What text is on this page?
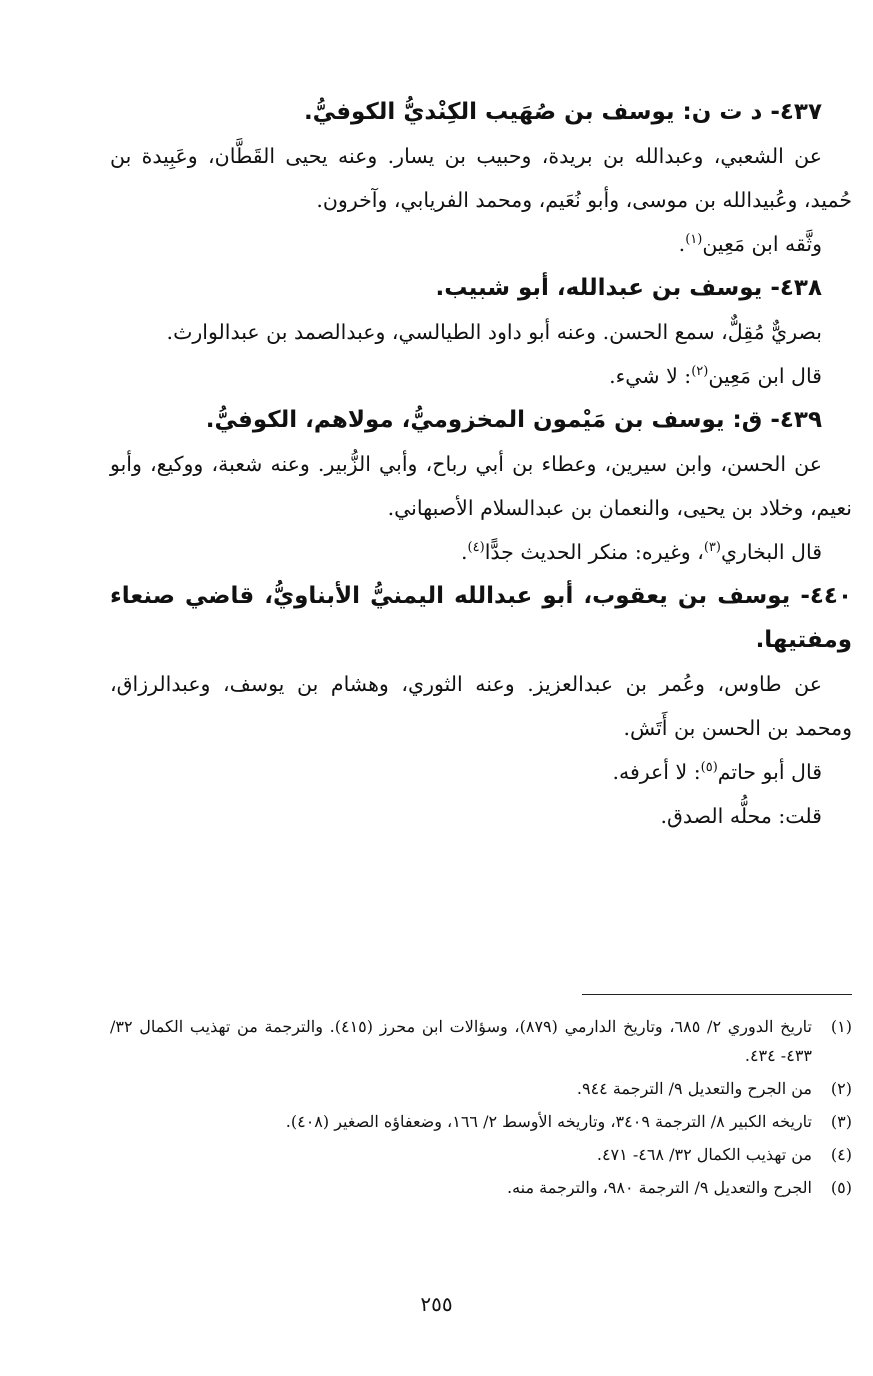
٤٣٧- د ت ن: يوسف بن صُهَيب الكِنْديُّ الكوفيُّ.
عن الشعبي، وعبدالله بن بريدة، وحبيب بن يسار. وعنه يحيى القَطَّان، وعَبِيدة بن حُميد، وعُبيدالله بن موسى، وأبو نُعَيم، ومحمد الفريابي، وآخرون.
وثَّقه ابن مَعِين$^{(١)}$.
٤٣٨- يوسف بن عبدالله، أبو شبيب.
بصريٌّ مُقِلٌّ، سمع الحسن. وعنه أبو داود الطيالسي، وعبدالصمد بن عبدالوارث.
قال ابن مَعِين$^{(٢)}$: لا شيء.
٤٣٩- ق: يوسف بن مَيْمون المخزوميُّ، مولاهم، الكوفيُّ.
عن الحسن، وابن سيرين، وعطاء بن أبي رباح، وأبي الزُّبير. وعنه شعبة، ووكيع، وأبو نعيم، وخلاد بن يحيى، والنعمان بن عبدالسلام الأصبهاني.
قال البخاري$^{(٣)}$، وغيره: منكر الحديث جدًّا$^{(٤)}$.
٤٤٠- يوسف بن يعقوب، أبو عبدالله اليمنيُّ الأبناويُّ، قاضي صنعاء ومفتيها.
عن طاوس، وعُمر بن عبدالعزيز. وعنه الثوري، وهشام بن يوسف، وعبدالرزاق، ومحمد بن الحسن بن أَتَش.
قال أبو حاتم$^{(٥)}$: لا أعرفه.
قلت: محلُّه الصدق.
(١)
تاريخ الدوري ٢/ ٦٨٥، وتاريخ الدارمي (٨٧٩)، وسؤالات ابن محرز (٤١٥). والترجمة من تهذيب الكمال ٣٢/ ٤٣٣- ٤٣٤.
(٢)
من الجرح والتعديل ٩/ الترجمة ٩٤٤.
(٣)
تاريخه الكبير ٨/ الترجمة ٣٤٠٩، وتاريخه الأوسط ٢/ ١٦٦، وضعفاؤه الصغير (٤٠٨).
(٤)
من تهذيب الكمال ٣٢/ ٤٦٨- ٤٧١.
(٥)
الجرح والتعديل ٩/ الترجمة ٩٨٠، والترجمة منه.
٢٥٥
